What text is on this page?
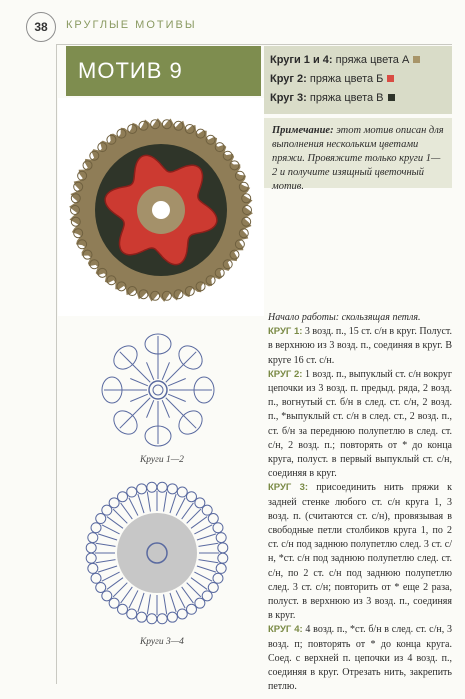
38	КРУГЛЫЕ МОТИВЫ
МОТИВ 9	Круги 1 и 4: пряжа цвета А
Круг 2: пряжа цвета Б
Круг 3: пряжа цвета В
Примечание: этот мотив описан для выполнения нескольким цветами пряжи. Провяжите только круги 1—2 и получите изящный цветочный мотив.
Круги 1—2
Круги 3—4

Начало работы: скользящая петля.

КРУГ 1: 3 возд. п., 15 ст. с/н в круг. Полуст. в верхнюю из 3 возд. п., соединяя в круг. В круге 16 ст. с/н.

КРУГ 2: 1 возд. п., выпуклый ст. с/н вокруг цепочки из 3 возд. п. предыд. ряда, 2 возд. п., вогнутый ст. б/н в след. ст. с/н, 2 возд. п., *выпуклый ст. с/н в след. ст., 2 возд. п., ст. б/н за переднюю полупетлю в след. ст. с/н, 2 возд. п.; повторять от * до конца круга, полуст. в первый выпуклый ст. с/н, соединяя в круг.

КРУГ 3: присоединить нить пряжи к задней стенке любого ст. с/н круга 1, 3 возд. п. (считаются ст. с/н), провязывая в свободные петли столбиков круга 1, по 2 ст. с/н под заднюю полупетлю след. 3 ст. с/н, *ст. с/н под заднюю полупетлю след. ст. с/н, по 2 ст. с/н под заднюю полупетлю след. 3 ст. с/н; повторить от * еще 2 раза, полуст. в верхнюю из 3 возд. п., соединяя в круг.

КРУГ 4: 4 возд. п., *ст. б/н в след. ст. с/н, 3 возд. п; повторять от * до конца круга. Соед. с верхней п. цепочки из 4 возд. п., соединяя в круг. Отрезать нить, закрепить петлю.
